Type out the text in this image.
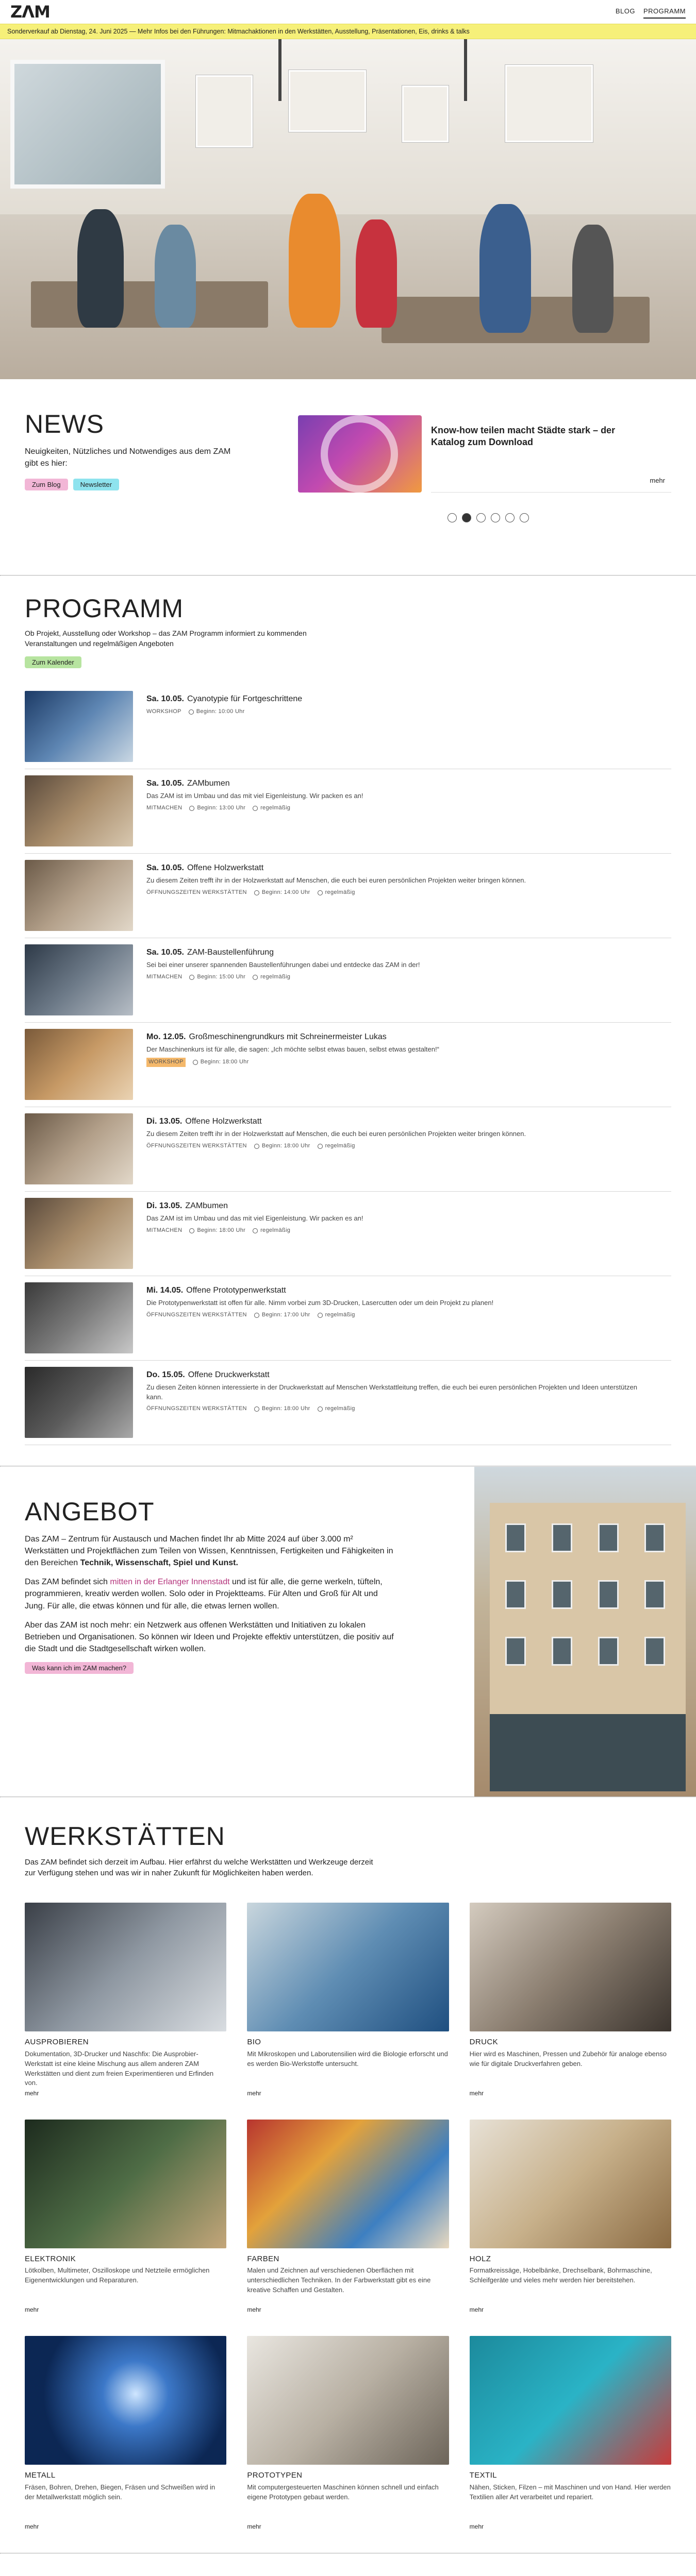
ZΛM	BLOG PROGRAMM
Sonderverkauf ab Dienstag, 24. Juni 2025 — Mehr Infos bei den Führungen: Mitmachaktionen in den Werkstätten, Ausstellung, Präsentationen, Eis, drinks & talks
NEWS

Neuigkeiten, Nützliches und Notwendiges aus dem ZAM gibt es hier:

Zum Blog	Newsletter
Know-how teilen macht Städte stark – der Katalog zum Download
mehr
PROGRAMM

Ob Projekt, Ausstellung oder Workshop – das ZAM Programm informiert zu kommenden Veranstaltungen und regelmäßigen Angeboten

Zum Kalender
Sa. 10.05. Cyanotypie für Fortgeschrittene
WORKSHOP	Beginn: 10:00 Uhr
Sa. 10.05. ZAMbumen
Das ZAM ist im Umbau und das mit viel Eigenleistung. Wir packen es an!
MITMACHEN	Beginn: 13:00 Uhr	regelmäßig
Sa. 10.05. Offene Holzwerkstatt
Zu diesem Zeiten trefft ihr in der Holzwerkstatt auf Menschen, die euch bei euren persönlichen Projekten weiter bringen können.
ÖFFNUNGSZEITEN WERKSTÄTTEN	Beginn: 14:00 Uhr	regelmäßig
Sa. 10.05. ZAM-Baustellenführung
Sei bei einer unserer spannenden Baustellenführungen dabei und entdecke das ZAM in der!
MITMACHEN	Beginn: 15:00 Uhr	regelmäßig
Mo. 12.05. Großmeschinengrundkurs mit Schreinermeister Lukas
Der Maschinenkurs ist für alle, die sagen: „Ich möchte selbst etwas bauen, selbst etwas gestalten!“
WORKSHOP	Beginn: 18:00 Uhr
Di. 13.05. Offene Holzwerkstatt
Zu diesem Zeiten trefft ihr in der Holzwerkstatt auf Menschen, die euch bei euren persönlichen Projekten weiter bringen können.
ÖFFNUNGSZEITEN WERKSTÄTTEN	Beginn: 18:00 Uhr	regelmäßig
Di. 13.05. ZAMbumen
Das ZAM ist im Umbau und das mit viel Eigenleistung. Wir packen es an!
MITMACHEN	Beginn: 18:00 Uhr	regelmäßig
Mi. 14.05. Offene Prototypenwerkstatt
Die Prototypenwerkstatt ist offen für alle. Nimm vorbei zum 3D-Drucken, Lasercutten oder um dein Projekt zu planen!
ÖFFNUNGSZEITEN WERKSTÄTTEN	Beginn: 17:00 Uhr	regelmäßig
Do. 15.05. Offene Druckwerkstatt
Zu diesen Zeiten können interessierte in der Druckwerkstatt auf Menschen Werkstattleitung treffen, die euch bei euren persönlichen Projekten und Ideen unterstützen kann.
ÖFFNUNGSZEITEN WERKSTÄTTEN	Beginn: 18:00 Uhr	regelmäßig
ANGEBOT

Das ZAM – Zentrum für Austausch und Machen findet Ihr ab Mitte 2024 auf über 3.000 m² Werkstätten und Projektflächen zum Teilen von Wissen, Kenntnissen, Fertigkeiten und Fähigkeiten in den Bereichen Technik, Wissenschaft, Spiel und Kunst.

Das ZAM befindet sich mitten in der Erlanger Innenstadt und ist für alle, die gerne werkeln, tüfteln, programmieren, kreativ werden wollen. Solo oder in Projektteams. Für Alten und Groß für Alt und Jung. Für alle, die etwas können und für alle, die etwas lernen wollen.

Aber das ZAM ist noch mehr: ein Netzwerk aus offenen Werkstätten und Initiativen zu lokalen Betrieben und Organisationen. So können wir Ideen und Projekte effektiv unterstützen, die positiv auf die Stadt und die Stadtgesellschaft wirken wollen.

Was kann ich im ZAM machen?

WERKSTÄTTEN

Das ZAM befindet sich derzeit im Aufbau. Hier erfährst du welche Werkstätten und Werkzeuge derzeit zur Verfügung stehen und was wir in naher Zukunft für Möglichkeiten haben werden.

AUSPROBIEREN
Dokumentation, 3D-Drucker und Naschfix: Die Ausprobier-Werkstatt ist eine kleine Mischung aus allem anderen ZAM Werkstätten und dient zum freien Experimentieren und Erfinden von.
mehr
BIO
Mit Mikroskopen und Laborutensilien wird die Biologie erforscht und es werden Bio-Werkstoffe untersucht.
mehr
DRUCK
Hier wird es Maschinen, Pressen und Zubehör für analoge ebenso wie für digitale Druckverfahren geben.
mehr
ELEKTRONIK
Lötkolben, Multimeter, Oszilloskope und Netzteile ermöglichen Eigenentwicklungen und Reparaturen.
mehr
FARBEN
Malen und Zeichnen auf verschiedenen Oberflächen mit unterschiedlichen Techniken. In der Farbwerkstatt gibt es eine kreative Schaffen und Gestalten.
mehr
HOLZ
Formatkreissäge, Hobelbänke, Drechselbank, Bohrmaschine, Schleifgeräte und vieles mehr werden hier bereitstehen.
mehr
METALL
Fräsen, Bohren, Drehen, Biegen, Fräsen und Schweißen wird in der Metallwerkstatt möglich sein.
mehr
PROTOTYPEN
Mit computergesteuerten Maschinen können schnell und einfach eigene Prototypen gebaut werden.
mehr
TEXTIL
Nähen, Sticken, Filzen – mit Maschinen und von Hand. Hier werden Textilien aller Art verarbeitet und repariert.
mehr
